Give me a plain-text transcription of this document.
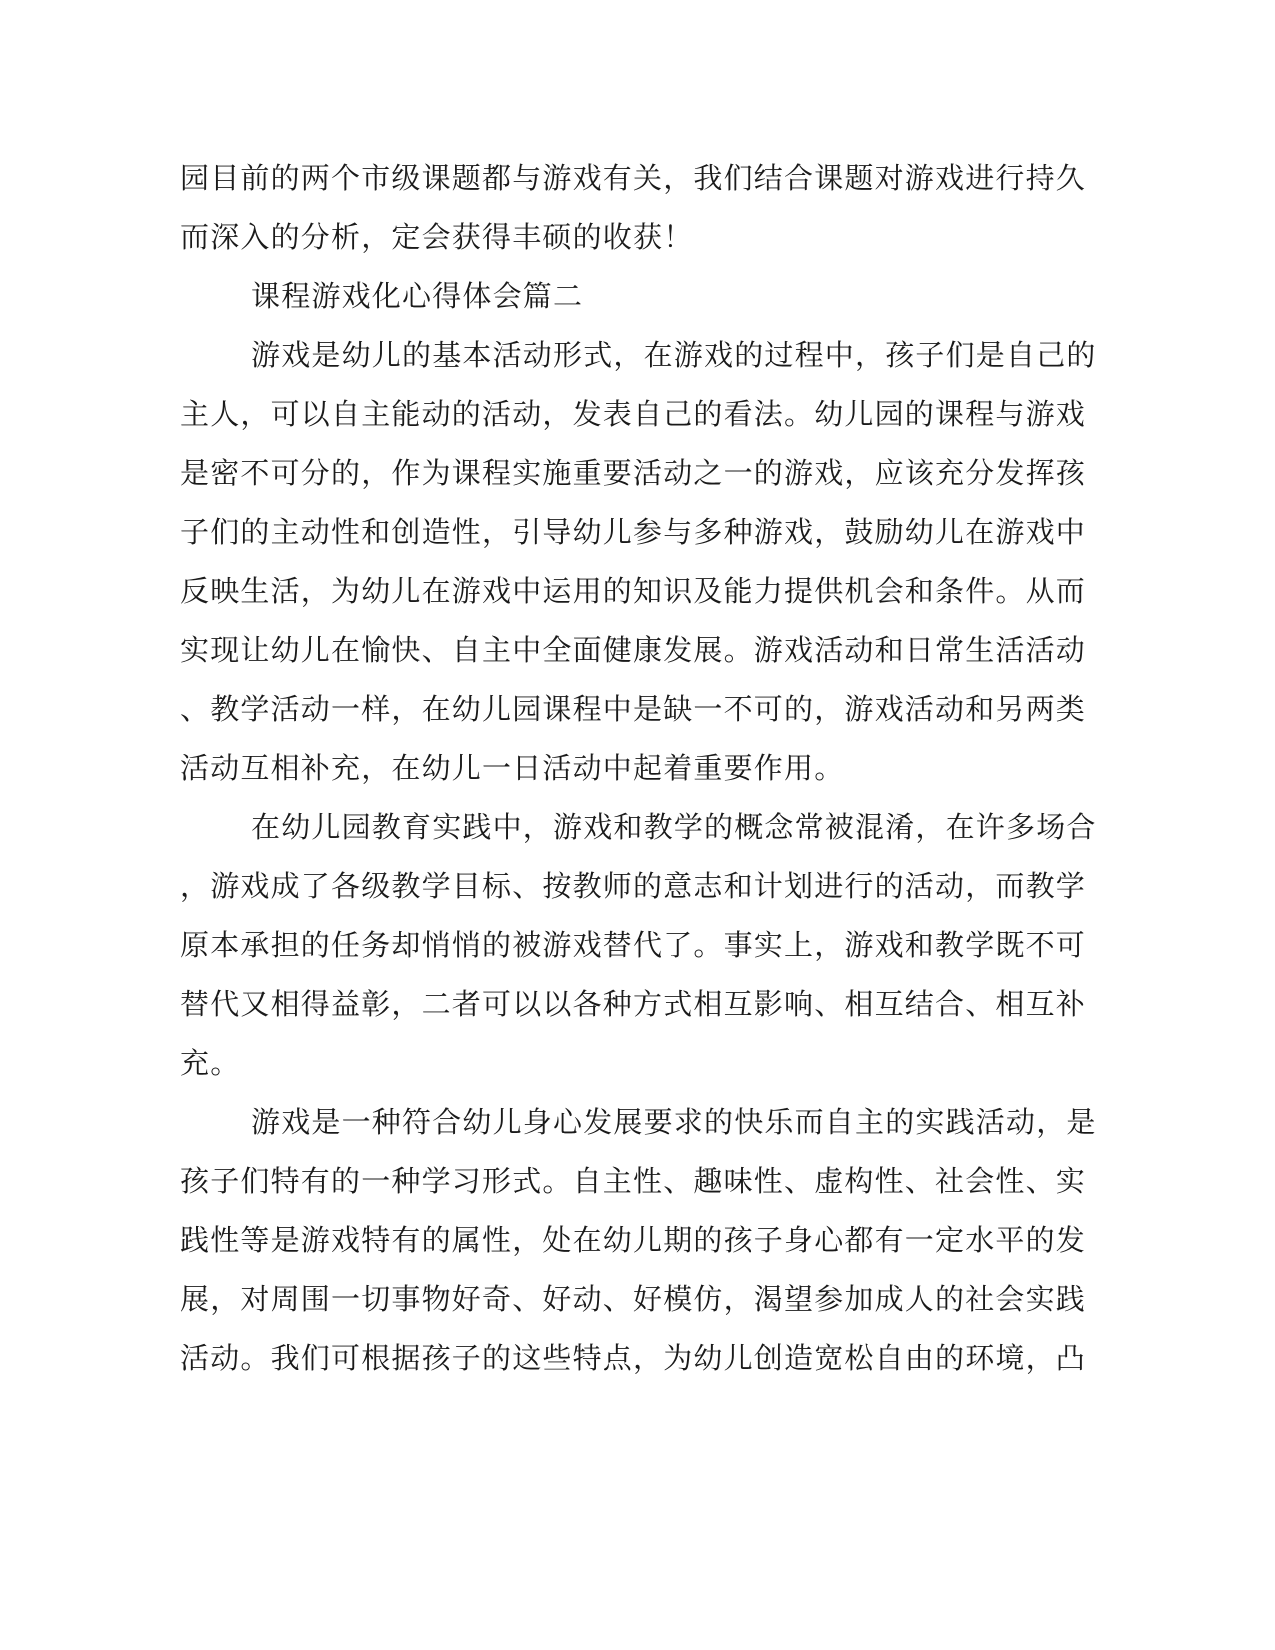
园目前的两个市级课题都与游戏有关，我们结合课题对游戏进行持久
而深入的分析，定会获得丰硕的收获！
课程游戏化心得体会篇二
游戏是幼儿的基本活动形式，在游戏的过程中，孩子们是自己的
主人，可以自主能动的活动，发表自己的看法。幼儿园的课程与游戏
是密不可分的，作为课程实施重要活动之一的游戏，应该充分发挥孩
子们的主动性和创造性，引导幼儿参与多种游戏，鼓励幼儿在游戏中
反映生活，为幼儿在游戏中运用的知识及能力提供机会和条件。从而
实现让幼儿在愉快、自主中全面健康发展。游戏活动和日常生活活动
、教学活动一样，在幼儿园课程中是缺一不可的，游戏活动和另两类
活动互相补充，在幼儿一日活动中起着重要作用。
在幼儿园教育实践中，游戏和教学的概念常被混淆，在许多场合
，游戏成了各级教学目标、按教师的意志和计划进行的活动，而教学
原本承担的任务却悄悄的被游戏替代了。事实上，游戏和教学既不可
替代又相得益彰，二者可以以各种方式相互影响、相互结合、相互补
充。
游戏是一种符合幼儿身心发展要求的快乐而自主的实践活动，是
孩子们特有的一种学习形式。自主性、趣味性、虚构性、社会性、实
践性等是游戏特有的属性，处在幼儿期的孩子身心都有一定水平的发
展，对周围一切事物好奇、好动、好模仿，渴望参加成人的社会实践
活动。我们可根据孩子的这些特点，为幼儿创造宽松自由的环境，凸
